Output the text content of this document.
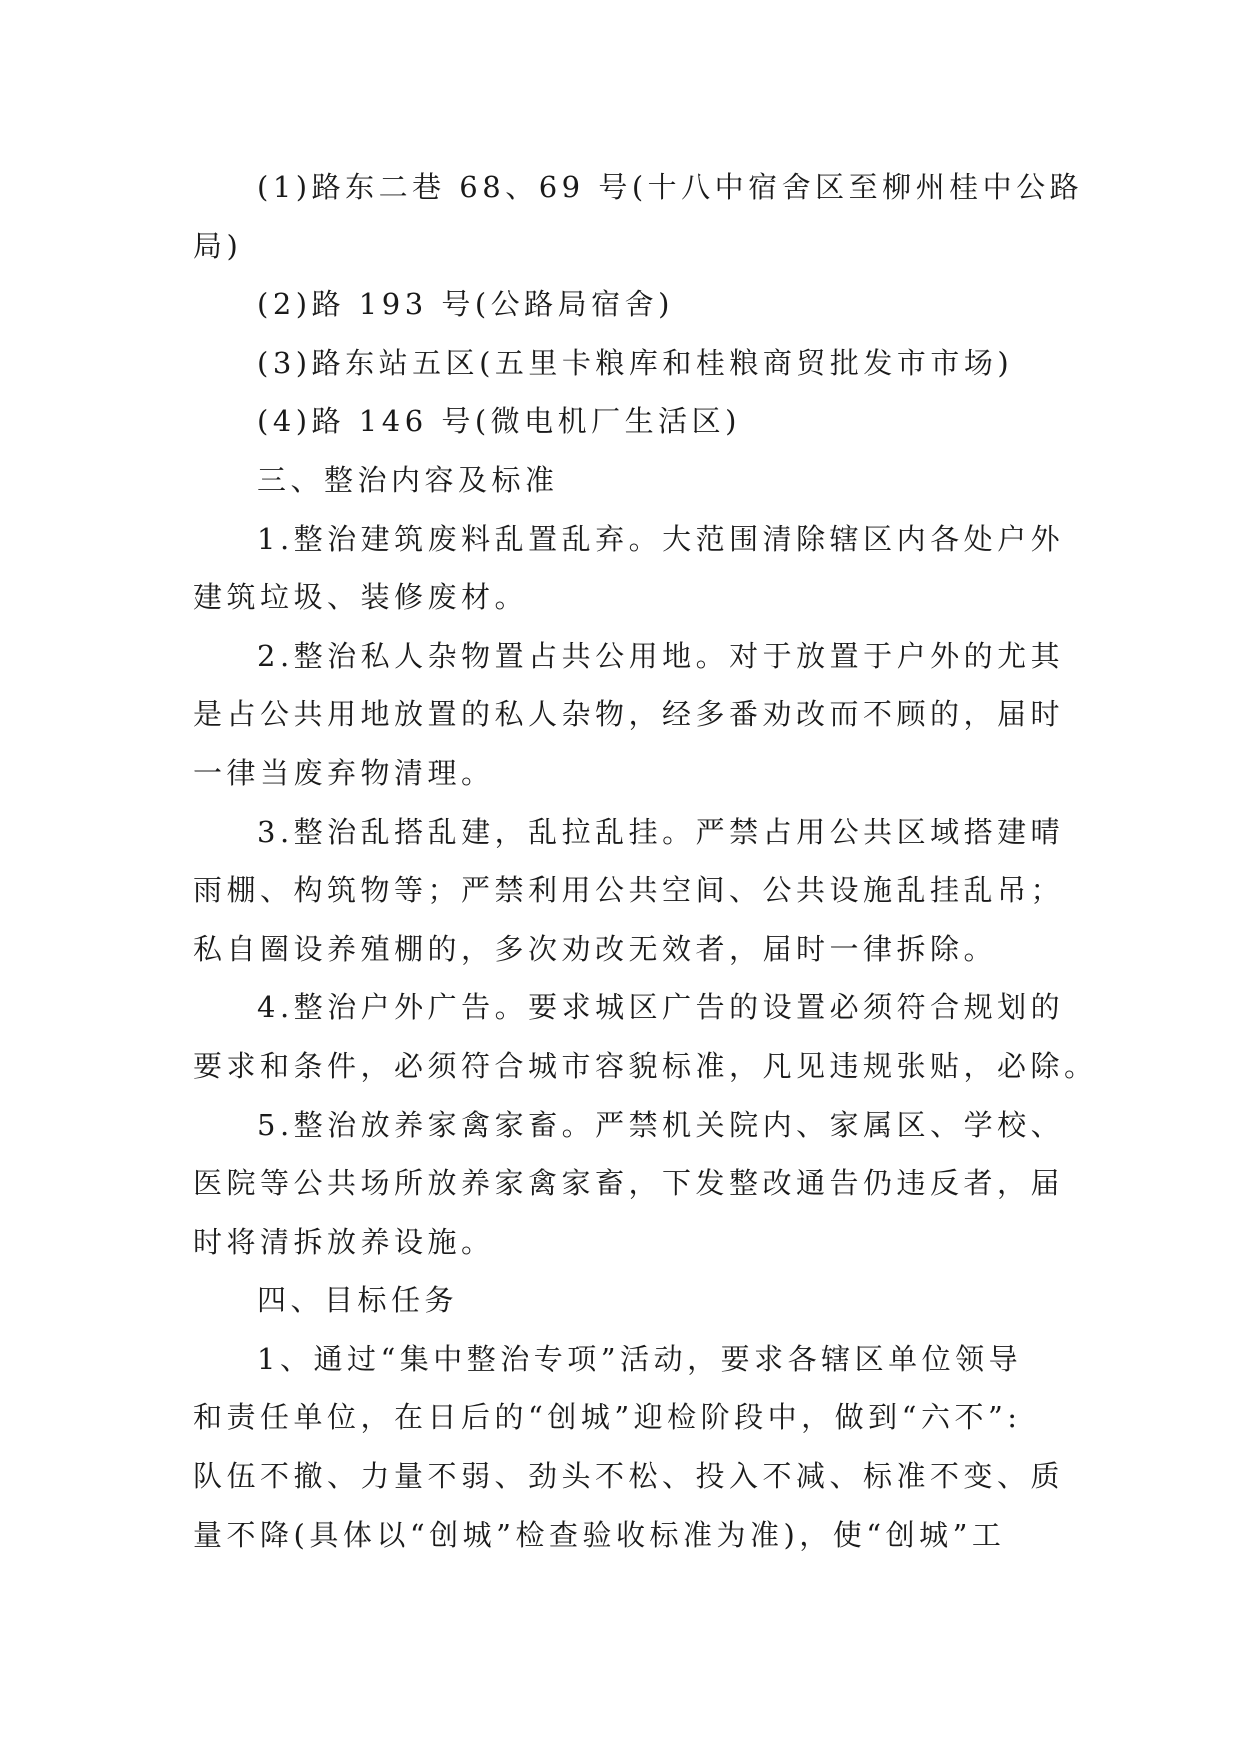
(1)路东二巷 68、69 号(十八中宿舍区至柳州桂中公路
局)
(2)路 193 号(公路局宿舍)
(3)路东站五区(五里卡粮库和桂粮商贸批发市市场)
(4)路 146 号(微电机厂生活区)
三、整治内容及标准
1.整治建筑废料乱置乱弃。大范围清除辖区内各处户外
建筑垃圾、装修废材。
2.整治私人杂物置占共公用地。对于放置于户外的尤其
是占公共用地放置的私人杂物，经多番劝改而不顾的，届时
一律当废弃物清理。
3.整治乱搭乱建，乱拉乱挂。严禁占用公共区域搭建晴
雨棚、构筑物等；严禁利用公共空间、公共设施乱挂乱吊；
私自圈设养殖棚的，多次劝改无效者，届时一律拆除。
4.整治户外广告。要求城区广告的设置必须符合规划的
要求和条件，必须符合城市容貌标准，凡见违规张贴，必除。
5.整治放养家禽家畜。严禁机关院内、家属区、学校、
医院等公共场所放养家禽家畜，下发整改通告仍违反者，届
时将清拆放养设施。
四、目标任务
1、通过“集中整治专项”活动，要求各辖区单位领导
和责任单位，在日后的“创城”迎检阶段中，做到“六不”:
队伍不撤、力量不弱、劲头不松、投入不减、标准不变、质
量不降(具体以“创城”检查验收标准为准)，使“创城”工
